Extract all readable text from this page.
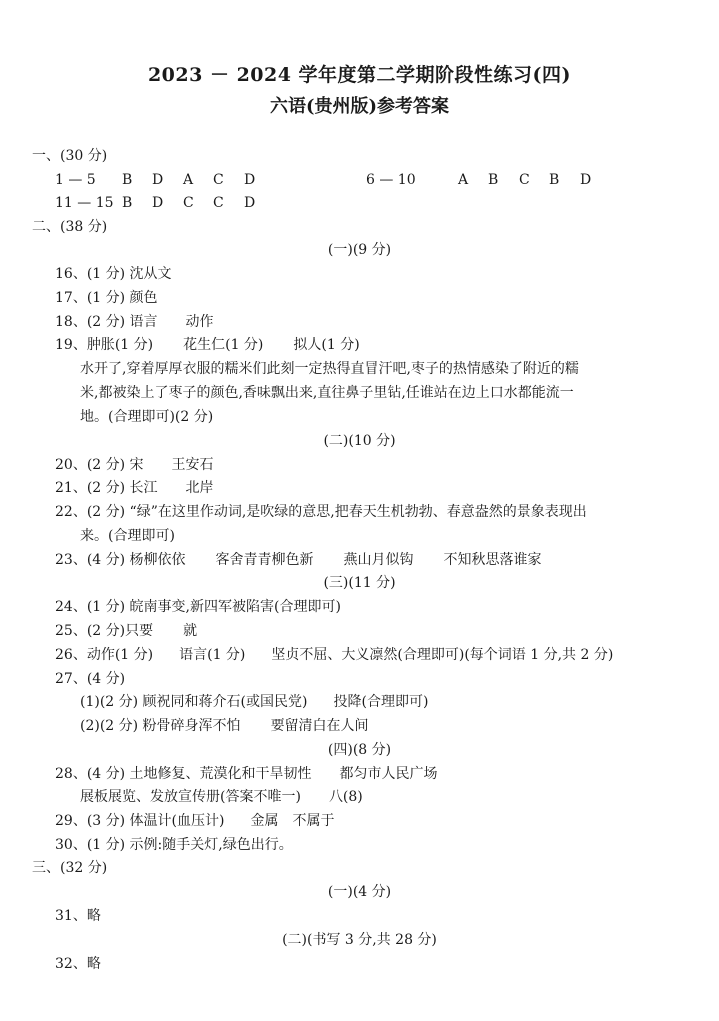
2023 － 2024 学年度第二学期阶段性练习(四)
六语(贵州版)参考答案
一、(30 分)
1 — 5 B D A C D	6 — 10	A B C B D
11 — 15 B D C C D
二、(38 分)
(一)(9 分)
16、(1 分) 沈从文
17、(1 分) 颜色
18、(2 分) 语言 动作
19、肿胀(1 分) 花生仁(1 分) 拟人(1 分)
水开了,穿着厚厚衣服的糯米们此刻一定热得直冒汗吧,枣子的热情感染了附近的糯
米,都被染上了枣子的颜色,香味飘出来,直往鼻子里钻,任谁站在边上口水都能流一
地。(合理即可)(2 分)
(二)(10 分)
20、(2 分) 宋 王安石
21、(2 分) 长江 北岸
22、(2 分) “绿”在这里作动词,是吹绿的意思,把春天生机勃勃、春意盎然的景象表现出
来。(合理即可)
23、(4 分) 杨柳依依 客舍青青柳色新 燕山月似钩 不知秋思落谁家
(三)(11 分)
24、(1 分) 皖南事变,新四军被陷害(合理即可)
25、(2 分)只要 就
26、动作(1 分) 语言(1 分) 坚贞不屈、大义凛然(合理即可)(每个词语 1 分,共 2 分)
27、(4 分)
(1)(2 分) 顾祝同和蒋介石(或国民党) 投降(合理即可)
(2)(2 分) 粉骨碎身浑不怕 要留清白在人间
(四)(8 分)
28、(4 分) 土地修复、荒漠化和干旱韧性 都匀市人民广场
展板展览、发放宣传册(答案不唯一) 八(8)
29、(3 分) 体温计(血压计) 金属 不属于
30、(1 分) 示例:随手关灯,绿色出行。
三、(32 分)
(一)(4 分)
31、略
(二)(书写 3 分,共 28 分)
32、略
